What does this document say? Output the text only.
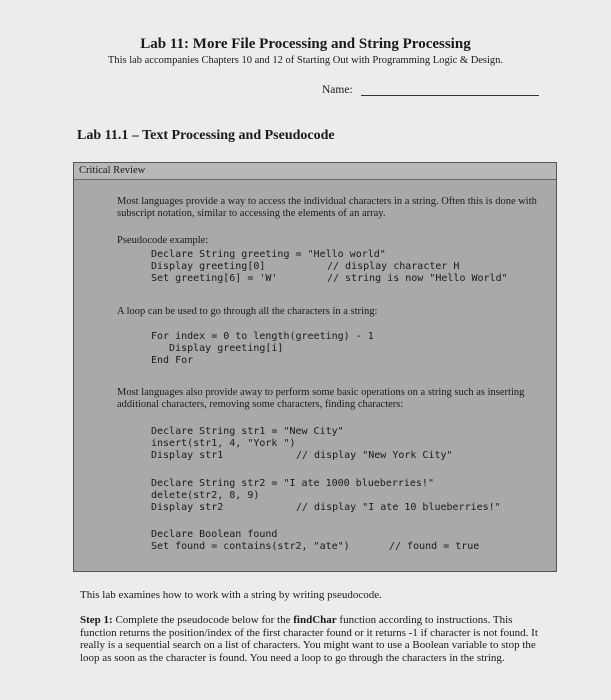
Lab 11: More File Processing and String Processing
This lab accompanies Chapters 10 and 12 of Starting Out with Programming Logic & Design.
Name:
Lab 11.1 – Text Processing and Pseudocode
Critical Review
Most languages provide a way to access the individual characters in a string. Often this is done with subscript notation, similar to accessing the elements of an array.
Pseudocode example:

Declare String greeting = "Hello world"

Display greeting[0]

	// display character H

Set greeting[6] = 'W'

	// string is now "Hello World"

A loop can be used to go through all the characters in a string:

For index = 0 to length(greeting) - 1

Display greeting[i]

End For

Most languages also provide away to perform some basic operations on a string such as inserting additional characters, removing some characters, finding characters:

Declare String str1 = "New City"

insert(str1, 4, "York ")

Display str1

	// display "New York City"

Declare String str2 = "I ate 1000 blueberries!"

delete(str2, 8, 9)

Display str2

	// display "I ate 10 blueberries!"

Declare Boolean found

Set found = contains(str2, "ate")

	// found = true

This lab examines how to work with a string by writing pseudocode.
Step 1: Complete the pseudocode below for the findChar function according to instructions. This function returns the position/index of the first character found or it returns -1 if character is not found. It really is a sequential search on a list of characters. You might want to use a Boolean variable to stop the loop as soon as the character is found. You need a loop to go through the characters in the string.
